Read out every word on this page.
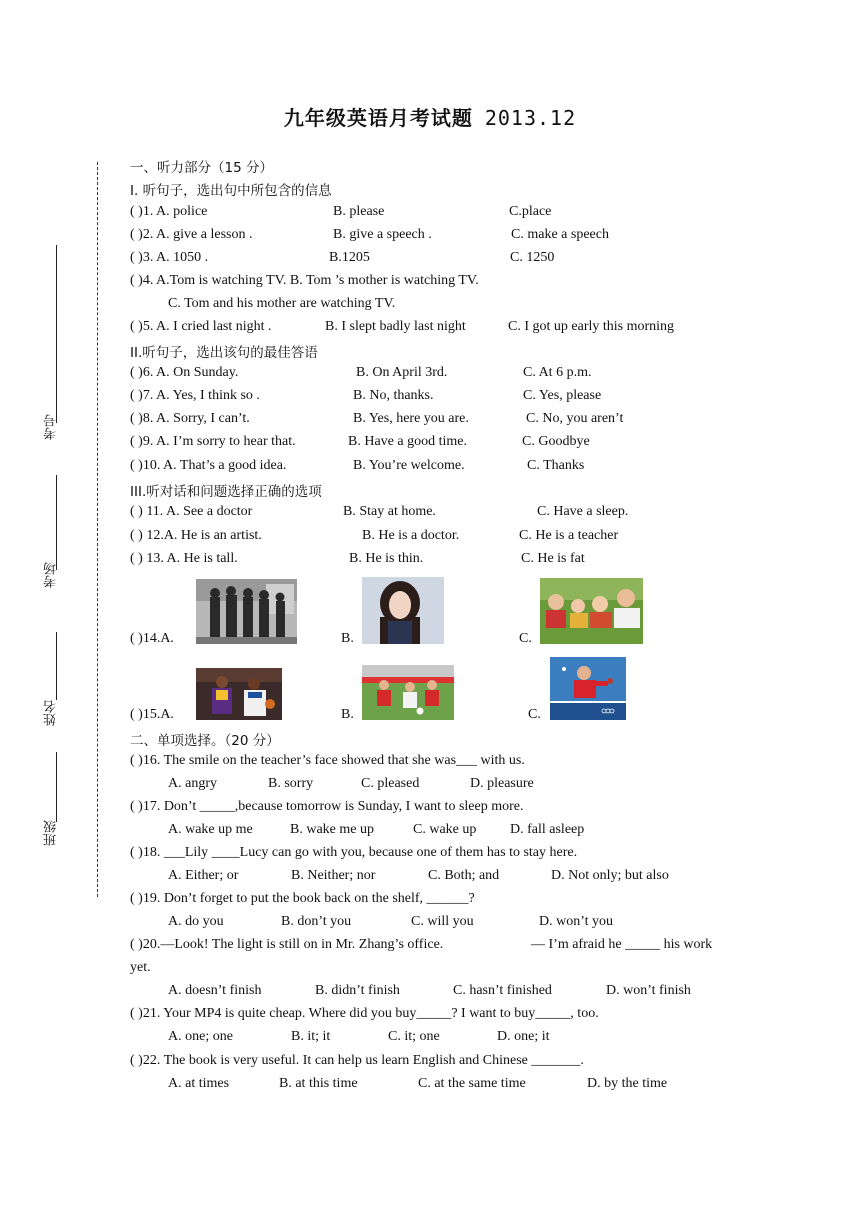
九年级英语月考试题 2013.12
考号
考场
姓名
班级
一、听力部分（15 分）
I. 听句子，选出句中所包含的信息
( )1. A. police	B. please	C.place
( )2. A. give a lesson .	B. give a speech .	C. make a speech
( )3. A. 1050 .	B.1205	C. 1250
( )4. A.Tom is watching TV. B. Tom ’s mother is watching TV.
C. Tom and his mother are watching TV.
( )5. A. I cried last night .	B. I slept badly last night	C. I got up early this morning
II.听句子，选出该句的最佳答语
( )6. A. On Sunday.	B. On April 3rd.	C. At 6 p.m.
( )7. A. Yes, I think so .	B. No, thanks.	C. Yes, please
( )8. A. Sorry, I can’t.	B. Yes, here you are.	C. No, you aren’t
( )9. A. I’m sorry to hear that.	B. Have a good time.	C. Goodbye
( )10. A. That’s a good idea.	B. You’re welcome.	C. Thanks
III.听对话和问题选择正确的选项
( ) 11. A. See a doctor	B. Stay at home.	C. Have a sleep.
( ) 12.A. He is an artist.	B. He is a doctor.	C. He is a teacher
( ) 13. A. He is tall.	B. He is thin.	C. He is fat
( )14.A.	B.	C.
( )15.A.	B.	C.
二、单项选择。（20 分）
( )16. The smile on the teacher’s face showed that she was___ with us.
A. angry	B. sorry	C. pleased	D. pleasure
( )17. Don’t _____,because tomorrow is Sunday, I want to sleep more.
A. wake up me	B. wake me up	C. wake up D. fall asleep
( )18. ___Lily ____Lucy can go with you, because one of them has to stay here.
A. Either; or	B. Neither; nor	C. Both; and	D. Not only; but also
( )19. Don’t forget to put the book back on the shelf, ______?
A. do you	B. don’t you	C. will you	D. won’t you
( )20.—Look! The light is still on in Mr. Zhang’s office.	— I’m afraid he _____ his work
yet.
A. doesn’t finish	B. didn’t finish	C. hasn’t finished	D. won’t finish
( )21. Your MP4 is quite cheap. Where did you buy_____? I want to buy_____, too.
A. one; one	B. it; it	C. it; one	D. one; it
( )22. The book is very useful. It can help us learn English and Chinese _______.
A. at times	B. at this time	C. at the same time	D. by the time
